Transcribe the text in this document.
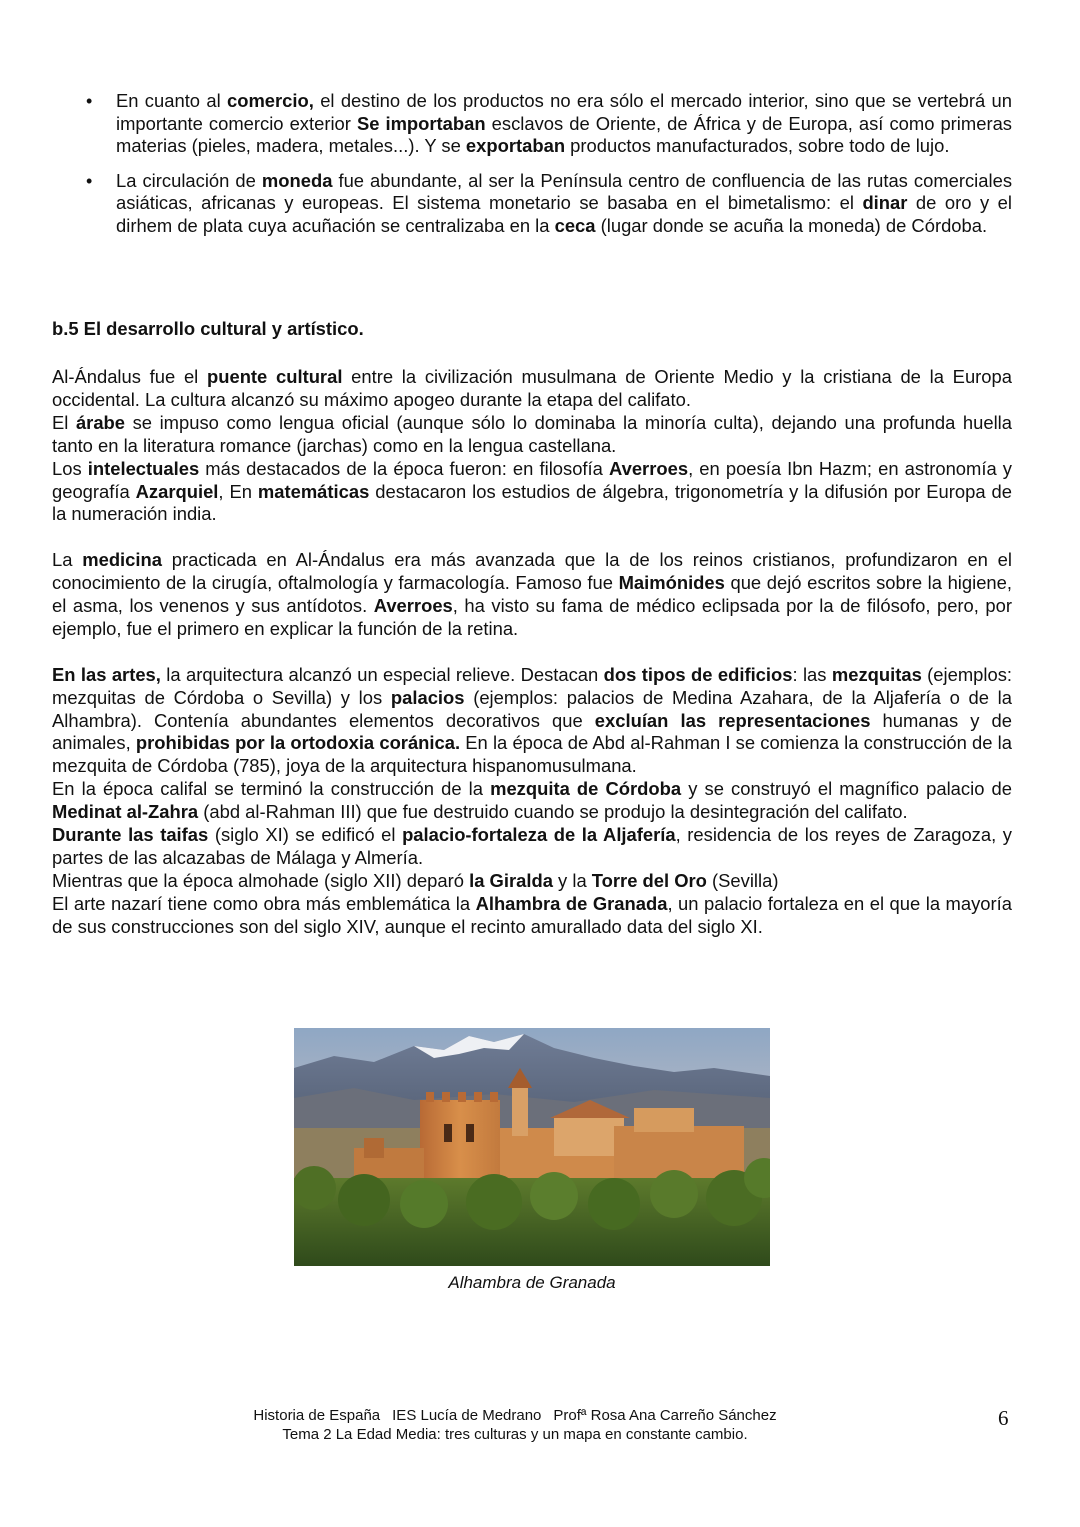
• En cuanto al comercio, el destino de los productos no era sólo el mercado interior, sino que se vertebrá un importante comercio exterior Se importaban esclavos de Oriente, de África y de Europa, así como primeras materias (pieles, madera, metales...). Y se exportaban productos manufacturados, sobre todo de lujo.
• La circulación de moneda fue abundante, al ser la Península centro de confluencia de las rutas comerciales asiáticas, africanas y europeas. El sistema monetario se basaba en el bimetalismo: el dinar de oro y el dirhem de plata cuya acuñación se centralizaba en la ceca (lugar donde se acuña la moneda) de Córdoba.
b.5 El desarrollo cultural y artístico.

Al-Ándalus fue el puente cultural entre la civilización musulmana de Oriente Medio y la cristiana de la Europa occidental. La cultura alcanzó su máximo apogeo durante la etapa del califato.

El árabe se impuso como lengua oficial (aunque sólo lo dominaba la minoría culta), dejando una profunda huella tanto en la literatura romance (jarchas) como en la lengua castellana.

Los intelectuales más destacados de la época fueron: en filosofía Averroes, en poesía Ibn Hazm; en astronomía y geografía Azarquiel, En matemáticas destacaron los estudios de álgebra, trigonometría y la difusión por Europa de la numeración india.

La medicina practicada en Al-Ándalus era más avanzada que la de los reinos cristianos, profundizaron en el conocimiento de la cirugía, oftalmología y farmacología. Famoso fue Maimónides que dejó escritos sobre la higiene, el asma, los venenos y sus antídotos. Averroes, ha visto su fama de médico eclipsada por la de filósofo, pero, por ejemplo, fue el primero en explicar la función de la retina.

En las artes, la arquitectura alcanzó un especial relieve. Destacan dos tipos de edificios: las mezquitas (ejemplos: mezquitas de Córdoba o Sevilla) y los palacios (ejemplos: palacios de Medina Azahara, de la Aljafería o de la Alhambra). Contenía abundantes elementos decorativos que excluían las representaciones humanas y de animales, prohibidas por la ortodoxia coránica. En la época de Abd al-Rahman I se comienza la construcción de la mezquita de Córdoba (785), joya de la arquitectura hispanomusulmana.

En la época califal se terminó la construcción de la mezquita de Córdoba y se construyó el magnífico palacio de Medinat al-Zahra (abd al-Rahman III) que fue destruido cuando se produjo la desintegración del califato.

Durante las taifas (siglo XI) se edificó el palacio-fortaleza de la Aljafería, residencia de los reyes de Zaragoza, y partes de las alcazabas de Málaga y Almería.

Mientras que la época almohade (siglo XII) deparó la Giralda y la Torre del Oro (Sevilla)

El arte nazarí tiene como obra más emblemática la Alhambra de Granada, un palacio fortaleza en el que la mayoría de sus construcciones son del siglo XIV, aunque el recinto amurallado data del siglo XI.

Alhambra de Granada
Historia de España IES Lucía de Medrano Profª Rosa Ana Carreño Sánchez
Tema 2 La Edad Media: tres culturas y un mapa en constante cambio.
6
